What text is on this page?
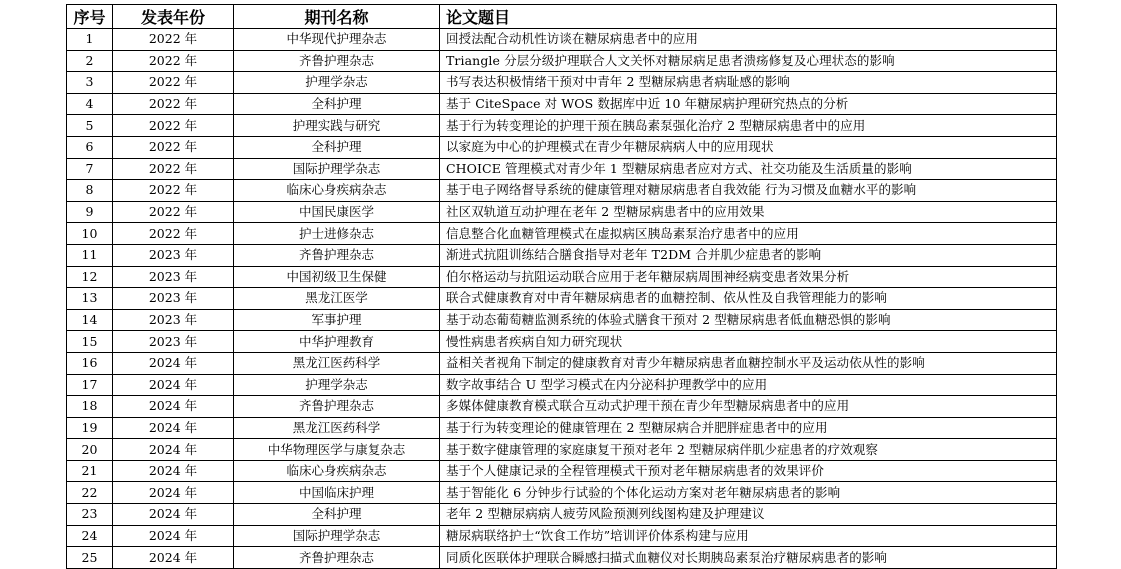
序号	发表年份	期刊名称	论文题目
1	2022 年	中华现代护理杂志	回授法配合动机性访谈在糖尿病患者中的应用
2	2022 年	齐鲁护理杂志	Triangle 分层分级护理联合人文关怀对糖尿病足患者溃疡修复及心理状态的影响
3	2022 年	护理学杂志	书写表达积极情绪干预对中青年 2 型糖尿病患者病耻感的影响
4	2022 年	全科护理	基于 CiteSpace 对 WOS 数据库中近 10 年糖尿病护理研究热点的分析
5	2022 年	护理实践与研究	基于行为转变理论的护理干预在胰岛素泵强化治疗 2 型糖尿病患者中的应用
6	2022 年	全科护理	以家庭为中心的护理模式在青少年糖尿病病人中的应用现状
7	2022 年	国际护理学杂志	CHOICE 管理模式对青少年 1 型糖尿病患者应对方式、社交功能及生活质量的影响
8	2022 年	临床心身疾病杂志	基于电子网络督导系统的健康管理对糖尿病患者自我效能 行为习惯及血糖水平的影响
9	2022 年	中国民康医学	社区双轨道互动护理在老年 2 型糖尿病患者中的应用效果
10	2022 年	护士进修杂志	信息整合化血糖管理模式在虚拟病区胰岛素泵治疗患者中的应用
11	2023 年	齐鲁护理杂志	渐进式抗阻训练结合膳食指导对老年 T2DM 合并肌少症患者的影响
12	2023 年	中国初级卫生保健	伯尔格运动与抗阻运动联合应用于老年糖尿病周围神经病变患者效果分析
13	2023 年	黑龙江医学	联合式健康教育对中青年糖尿病患者的血糖控制、依从性及自我管理能力的影响
14	2023 年	军事护理	基于动态葡萄糖监测系统的体验式膳食干预对 2 型糖尿病患者低血糖恐惧的影响
15	2023 年	中华护理教育	慢性病患者疾病自知力研究现状
16	2024 年	黑龙江医药科学	益相关者视角下制定的健康教育对青少年糖尿病患者血糖控制水平及运动依从性的影响
17	2024 年	护理学杂志	数字故事结合 U 型学习模式在内分泌科护理教学中的应用
18	2024 年	齐鲁护理杂志	多媒体健康教育模式联合互动式护理干预在青少年型糖尿病患者中的应用
19	2024 年	黑龙江医药科学	基于行为转变理论的健康管理在 2 型糖尿病合并肥胖症患者中的应用
20	2024 年	中华物理医学与康复杂志	基于数字健康管理的家庭康复干预对老年 2 型糖尿病伴肌少症患者的疗效观察
21	2024 年	临床心身疾病杂志	基于个人健康记录的全程管理模式干预对老年糖尿病患者的效果评价
22	2024 年	中国临床护理	基于智能化 6 分钟步行试验的个体化运动方案对老年糖尿病患者的影响
23	2024 年	全科护理	老年 2 型糖尿病病人疲劳风险预测列线图构建及护理建议
24	2024 年	国际护理学杂志	糖尿病联络护士“饮食工作坊”培训评价体系构建与应用
25	2024 年	齐鲁护理杂志	同质化医联体护理联合瞬感扫描式血糖仪对长期胰岛素泵治疗糖尿病患者的影响
